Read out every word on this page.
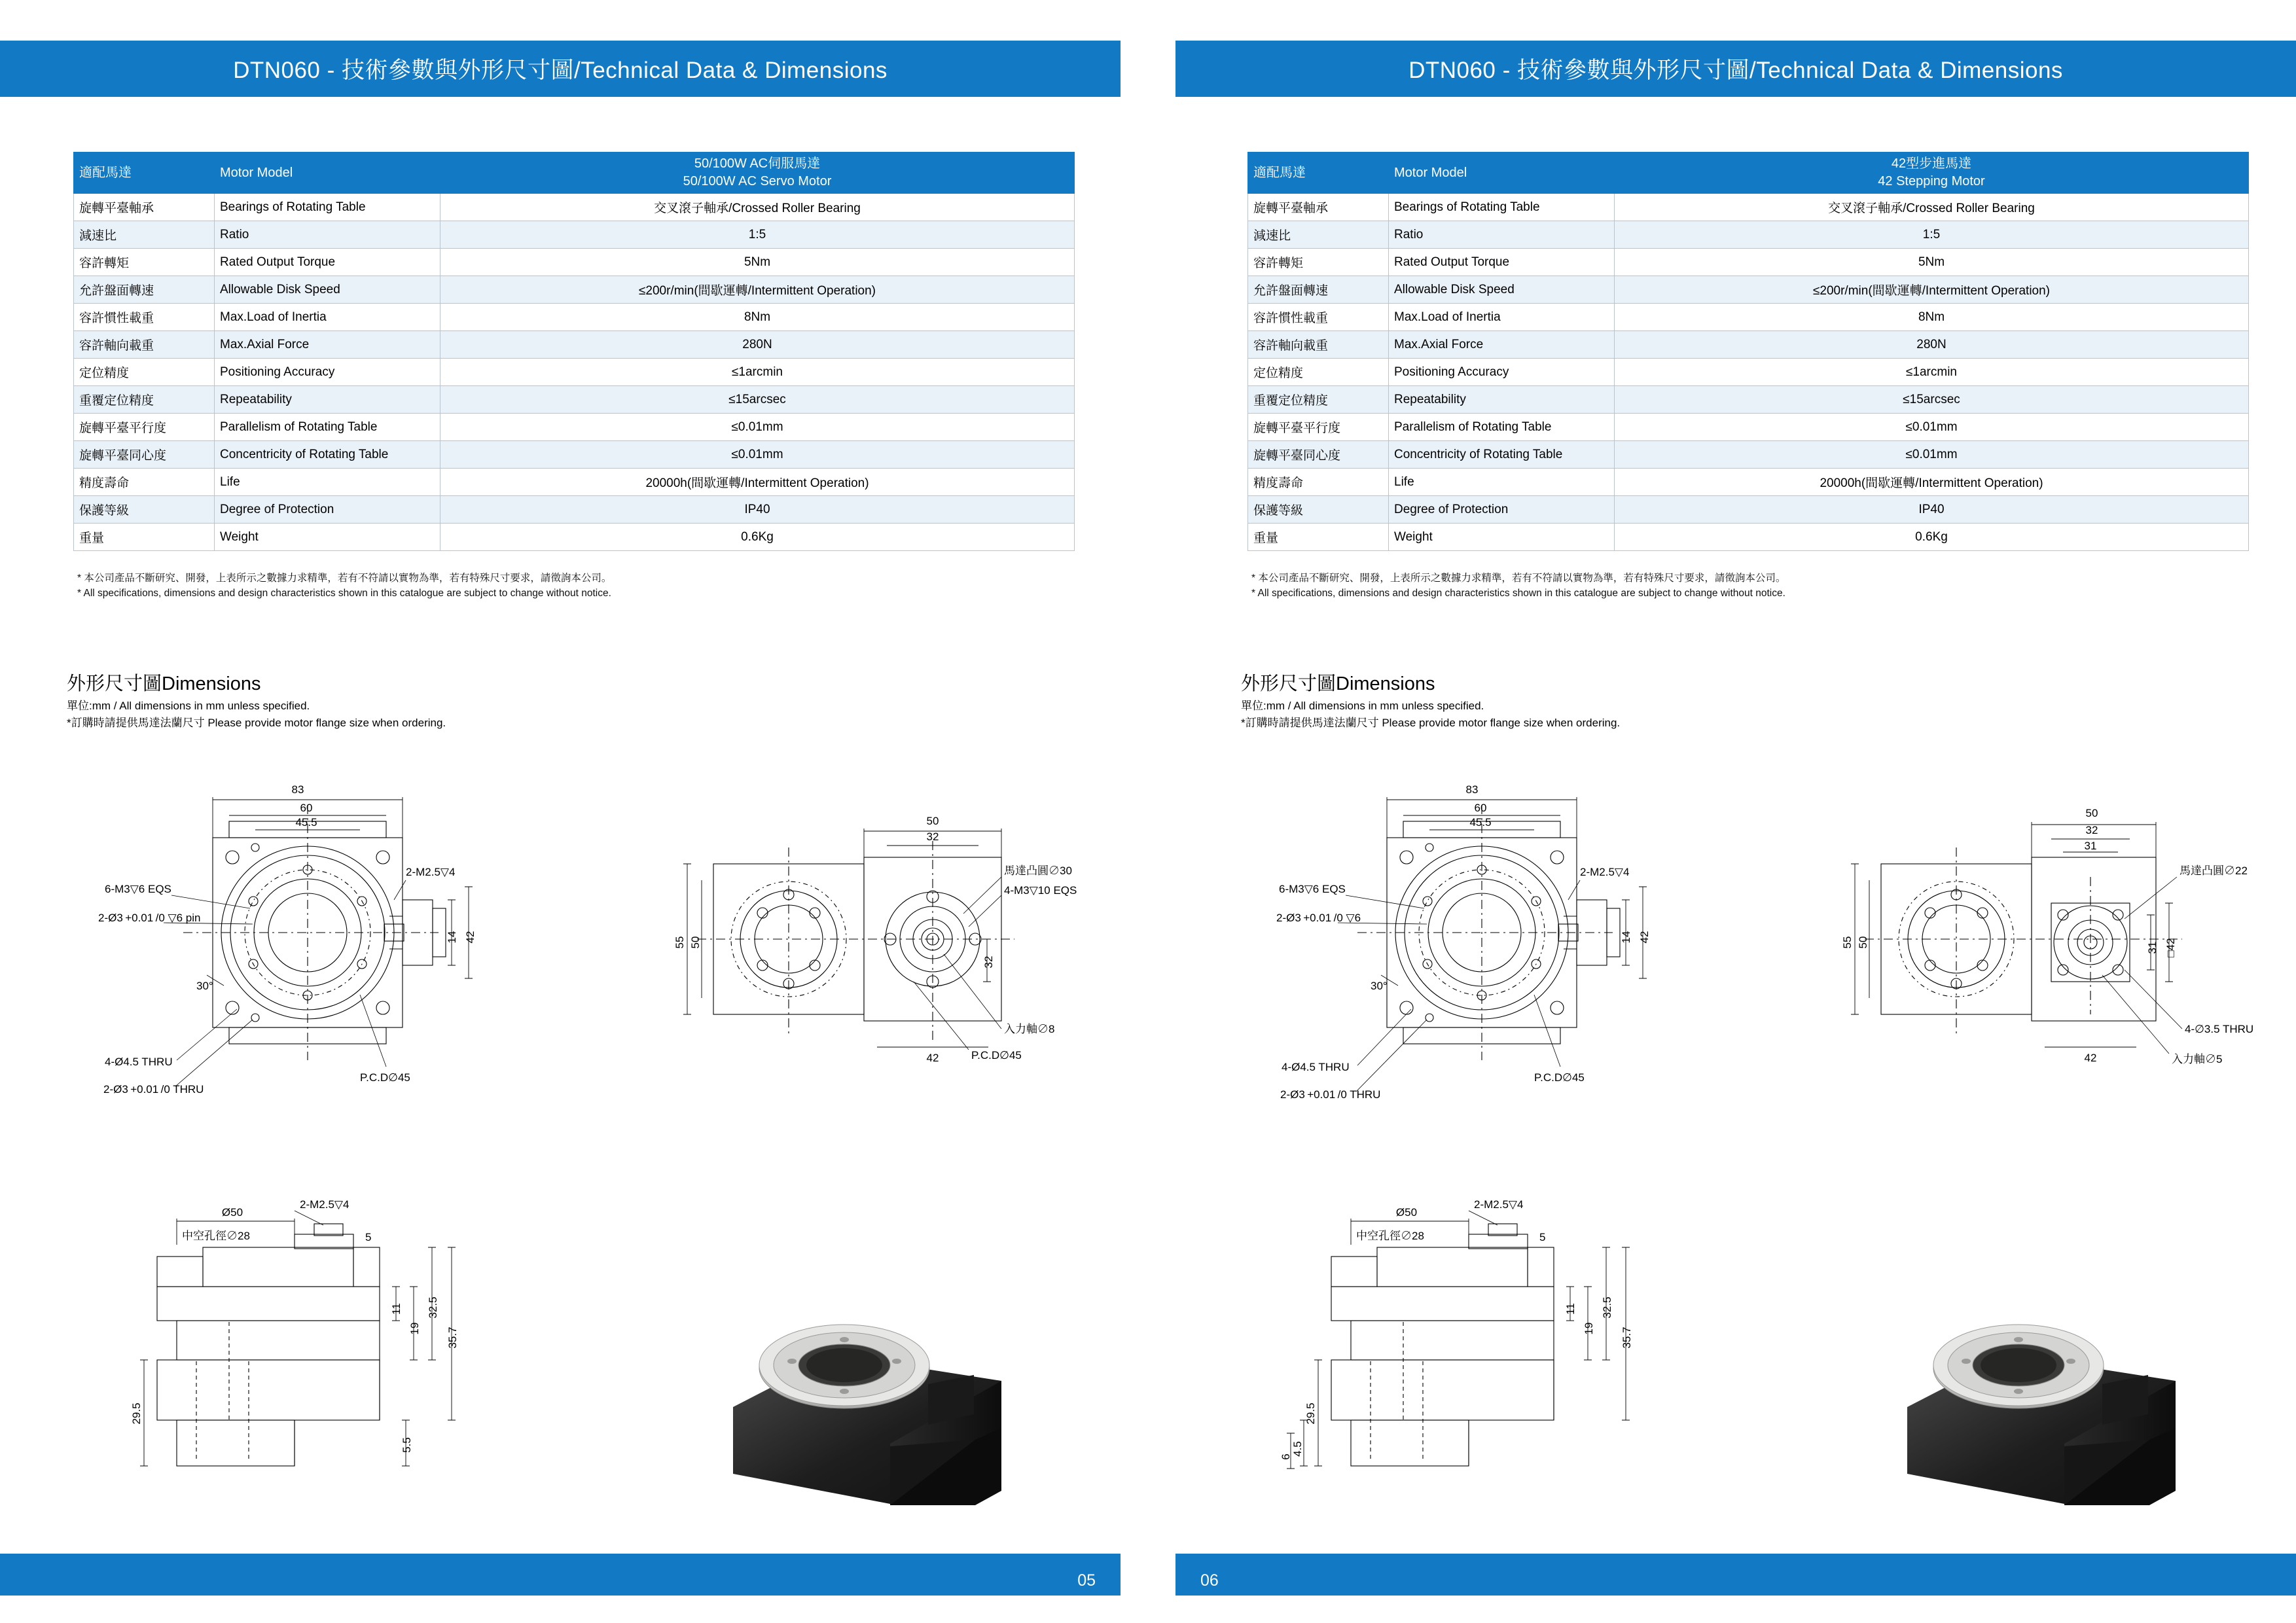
DTN060 - 技術參數與外形尺寸圖/Technical Data & Dimensions
適配馬達	Motor Model	50/100W AC伺服馬達
50/100W AC Servo Motor

旋轉平臺軸承	Bearings of Rotating Table	交叉滾子軸承/Crossed Roller Bearing
減速比	Ratio	1:5
容許轉矩	Rated Output Torque	5Nm
允許盤面轉速	Allowable Disk Speed	≤200r/min(間歇運轉/Intermittent Operation)
容許慣性載重	Max.Load of Inertia	8Nm
容許軸向載重	Max.Axial Force	280N
定位精度	Positioning Accuracy	≤1arcmin
重覆定位精度	Repeatability	≤15arcsec
旋轉平臺平行度	Parallelism of Rotating Table	≤0.01mm
旋轉平臺同心度	Concentricity of Rotating Table	≤0.01mm
精度壽命	Life	20000h(間歇運轉/Intermittent Operation)
保護等級	Degree of Protection	IP40
重量	Weight	0.6Kg
* 本公司產品不斷研究、開發，上表所示之數據力求精準，若有不符請以實物為準，若有特殊尺寸要求，請徵詢本公司。
* All specifications, dimensions and design characteristics shown in this catalogue are subject to change without notice.
外形尺寸圖Dimensions
單位:mm / All dimensions in mm unless specified.
*訂購時請提供馬達法蘭尺寸 Please provide motor flange size when ordering.
83
60
45.5
6-M3▽6 EQS
2-Ø3 +0.01 /0 ▽6 pin
30°
4-Ø4.5 THRU
2-Ø3 +0.01 /0 THRU
P.C.D∅45
2-M2.5▽4
14 42
50
32
55 50
42
32
馬達凸圓∅30
4-M3▽10 EQS
入力軸∅8
P.C.D∅45
Ø50
中空孔徑∅28
2-M2.5▽4
5
11
19
32.5
35.7
29.5
5.5
05
DTN060 - 技術參數與外形尺寸圖/Technical Data & Dimensions
適配馬達	Motor Model	42型步進馬達
42 Stepping Motor

旋轉平臺軸承	Bearings of Rotating Table	交叉滾子軸承/Crossed Roller Bearing
減速比	Ratio	1:5
容許轉矩	Rated Output Torque	5Nm
允許盤面轉速	Allowable Disk Speed	≤200r/min(間歇運轉/Intermittent Operation)
容許慣性載重	Max.Load of Inertia	8Nm
容許軸向載重	Max.Axial Force	280N
定位精度	Positioning Accuracy	≤1arcmin
重覆定位精度	Repeatability	≤15arcsec
旋轉平臺平行度	Parallelism of Rotating Table	≤0.01mm
旋轉平臺同心度	Concentricity of Rotating Table	≤0.01mm
精度壽命	Life	20000h(間歇運轉/Intermittent Operation)
保護等級	Degree of Protection	IP40
重量	Weight	0.6Kg
* 本公司產品不斷研究、開發，上表所示之數據力求精準，若有不符請以實物為準，若有特殊尺寸要求，請徵詢本公司。
* All specifications, dimensions and design characteristics shown in this catalogue are subject to change without notice.
外形尺寸圖Dimensions
單位:mm / All dimensions in mm unless specified.
*訂購時請提供馬達法蘭尺寸 Please provide motor flange size when ordering.
83
60
45.5
6-M3▽6 EQS
2-Ø3 +0.01 /0 ▽6
30°
4-Ø4.5 THRU
2-Ø3 +0.01 /0 THRU
P.C.D∅45
2-M2.5▽4
14 42
50
32
31
55 50
42
31 □42
馬達凸圓∅22
4-∅3.5 THRU
入力軸∅5
Ø50
中空孔徑∅28
2-M2.5▽4
5
11
19
32.5
35.7
29.5
4.5
6
06
